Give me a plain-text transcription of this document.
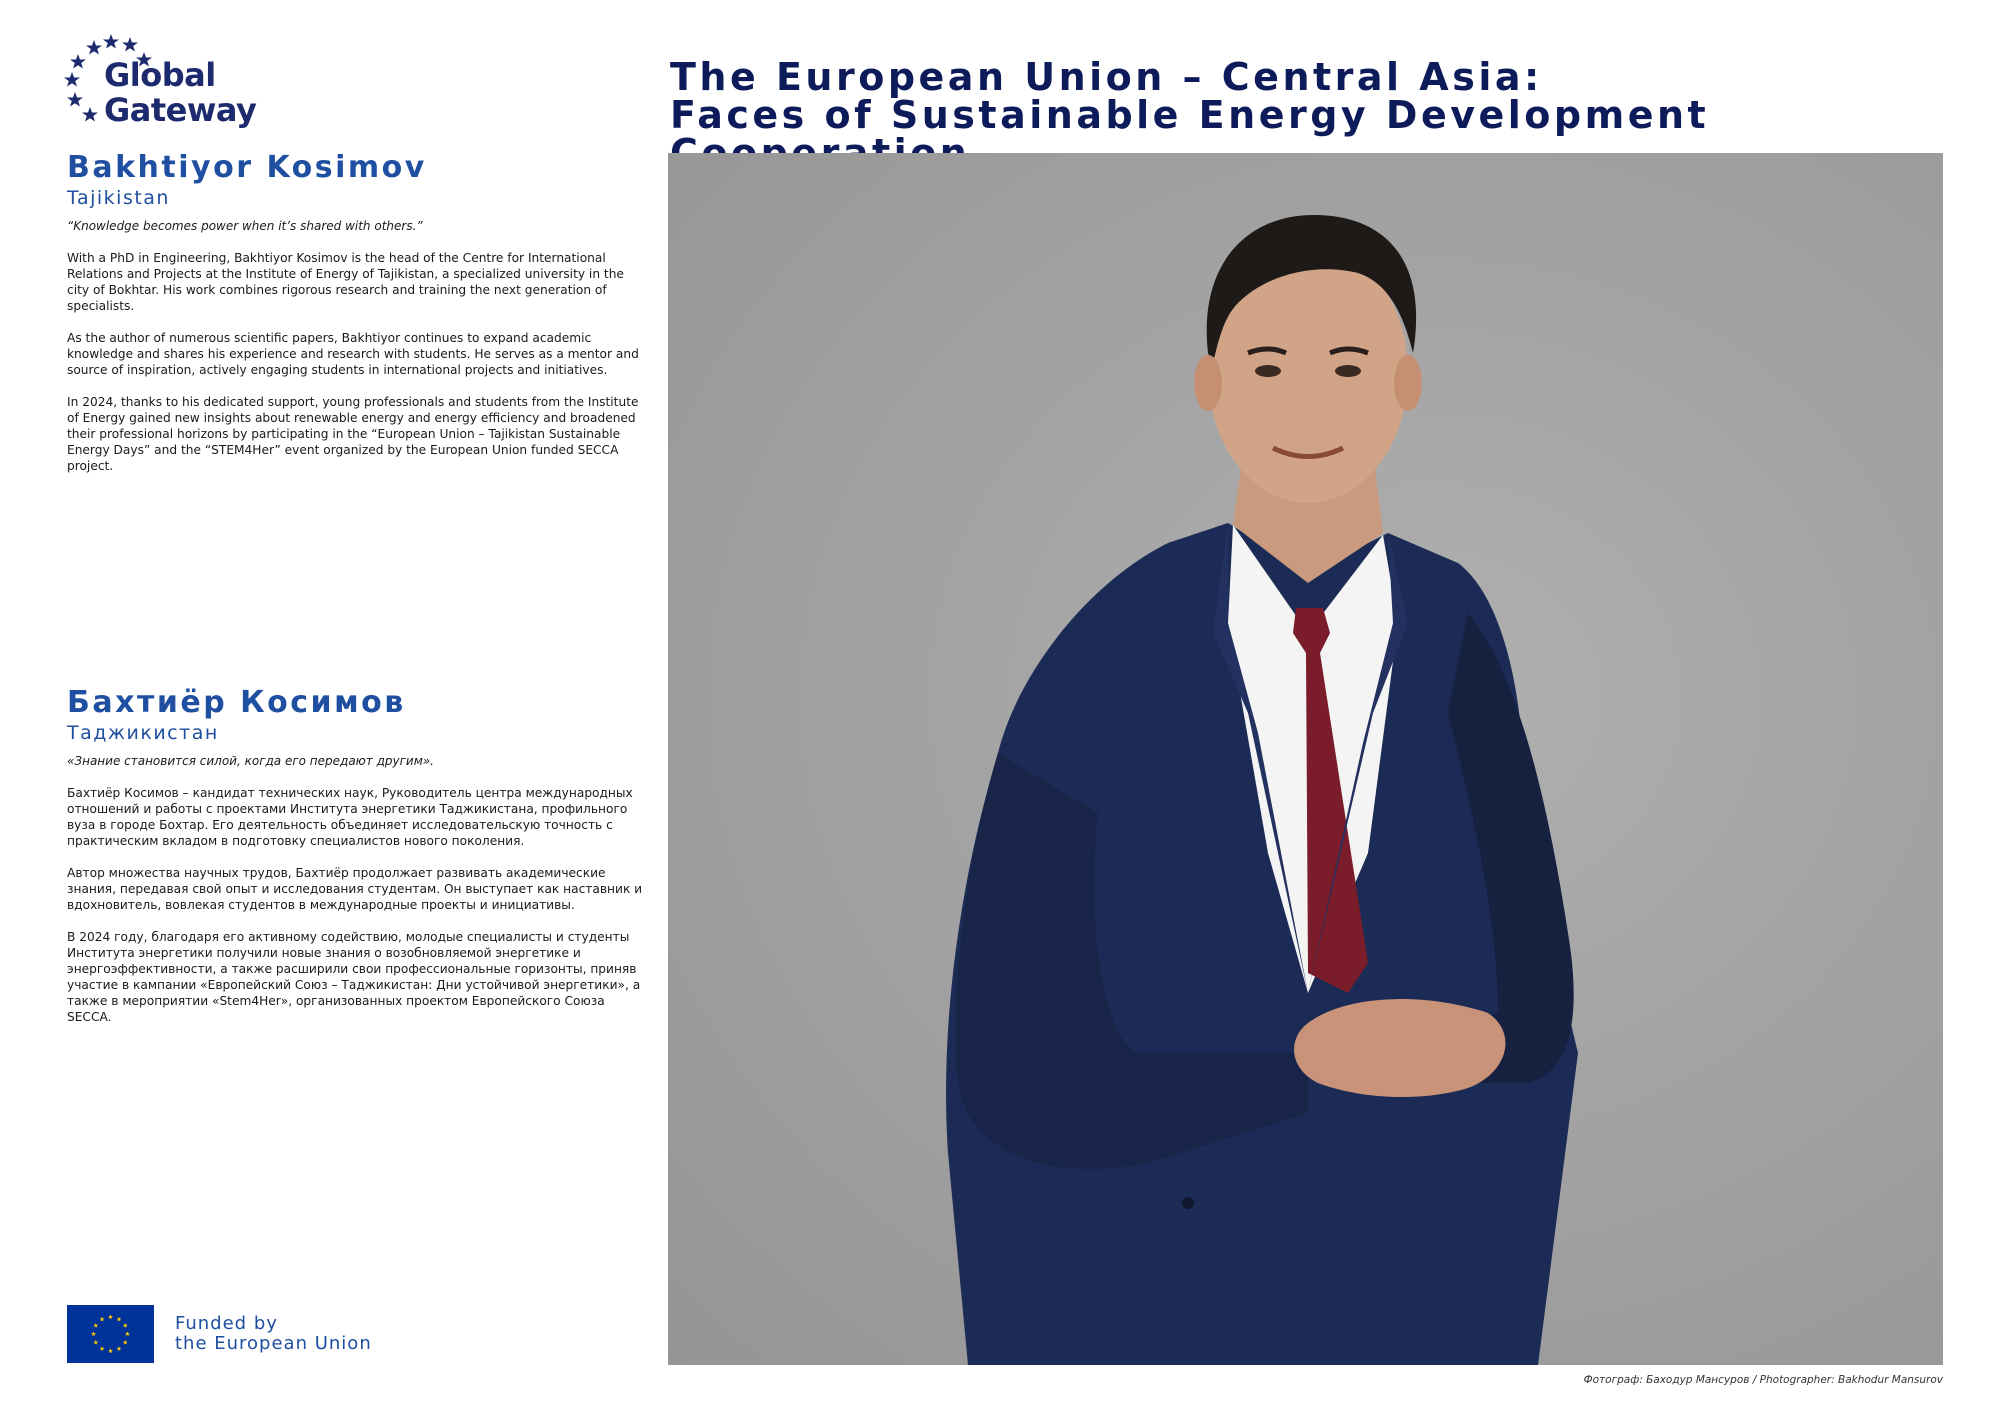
Global
Gateway
The European Union – Central Asia:
Faces of Sustainable Energy Development
Bakhtiyor Kosimov
Tajikistan
“Knowledge becomes power when it’s shared with others.”

With a PhD in Engineering, Bakhtiyor Kosimov is the head of the Centre for International Relations and Projects at the Institute of Energy of Tajikistan, a specialized university in the city of Bokhtar. His work combines rigorous research and training the next generation of specialists.

As the author of numerous scientific papers, Bakhtiyor continues to expand academic knowledge and shares his experience and research with students. He serves as a mentor and source of inspiration, actively engaging students in international projects and initiatives.

In 2024, thanks to his dedicated support, young professionals and students from the Institute of Energy gained new insights about renewable energy and energy efficiency and broadened their professional horizons by participating in the “European Union – Tajikistan Sustainable Energy Days” and the “STEM4Her” event organized by the European Union funded SECCA project.

Бахтиёр Косимов
Таджикистан
«Знание становится силой, когда его передают другим».

Бахтиёр Косимов – кандидат технических наук, Руководитель центра международных отношений и работы с проектами Института энергетики Таджикистана, профильного вуза в городе Бохтар. Его деятельность объединяет исследовательскую точность с практическим вкладом в подготовку специалистов нового поколения.

Автор множества научных трудов, Бахтиёр продолжает развивать академические знания, передавая свой опыт и исследования студентам. Он выступает как наставник и вдохновитель, вовлекая студентов в международные проекты и инициативы.

В 2024 году, благодаря его активному содействию, молодые специалисты и студенты Института энергетики получили новые знания о возобновляемой энергетике и энергоэффективности, а также расширили свои профессиональные горизонты, приняв участие в кампании «Европейский Союз – Таджикистан: Дни устойчивой энергетики», а также в мероприятии «Stem4Her», организованных проектом Европейского Союза SECCA.

Фотограф: Баходур Мансуров / Photographer: Bakhodur Mansurov
Funded by
the European Union
